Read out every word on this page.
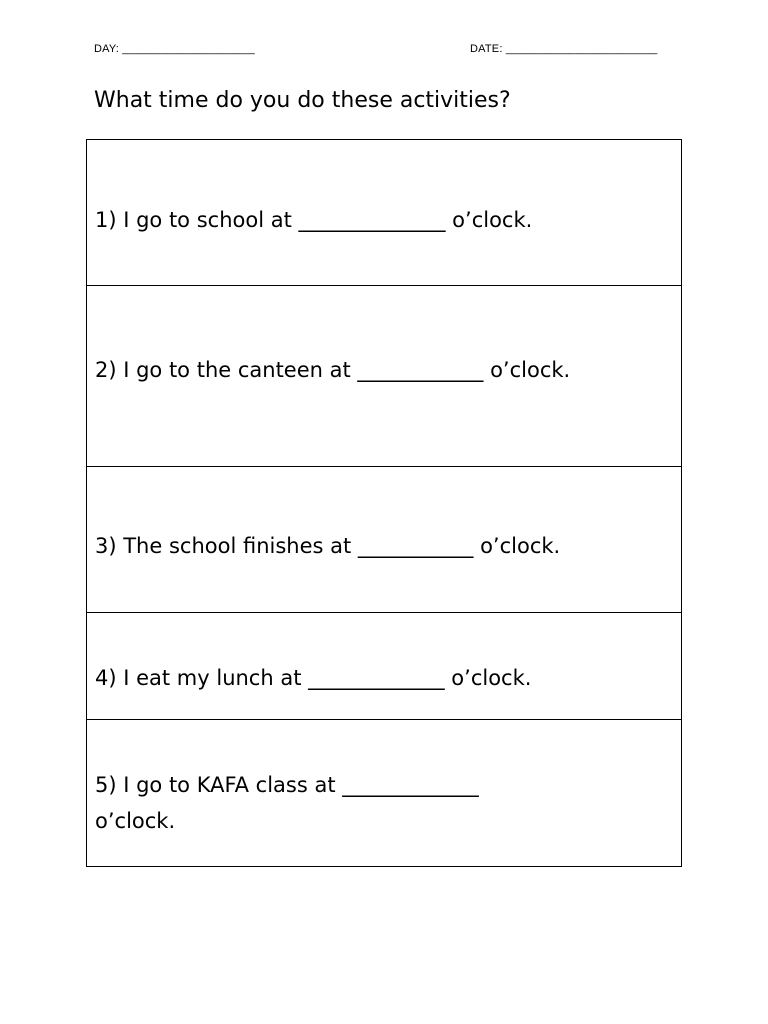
DAY: _____________________	DATE: ________________________
What time do you do these activities?
1) I go to school at ______________ o’clock.
2) I go to the canteen at ____________ o’clock.
3) The school finishes at ___________ o’clock.
4) I eat my lunch at _____________ o’clock.
5) I go to KAFA class at _____________
o’clock.
